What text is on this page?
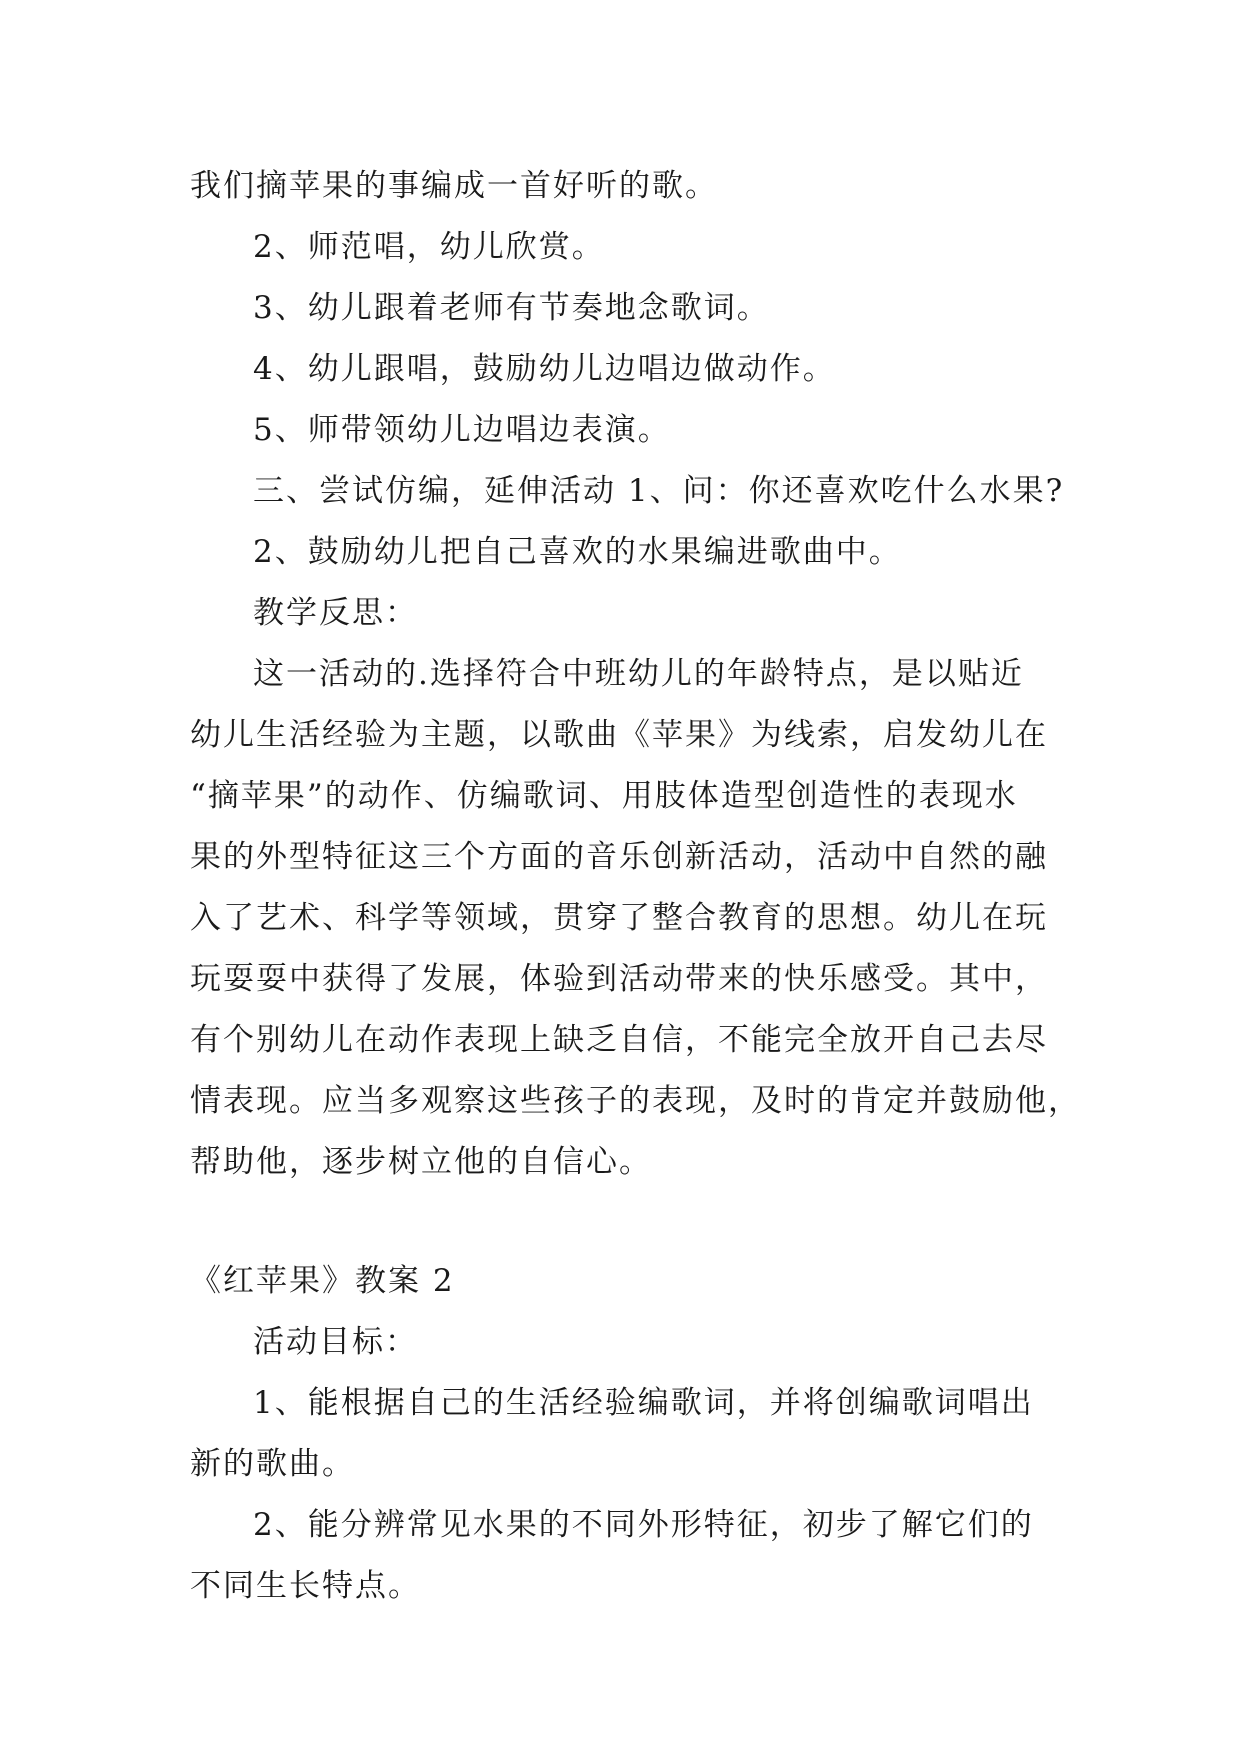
我们摘苹果的事编成一首好听的歌。
2、师范唱，幼儿欣赏。
3、幼儿跟着老师有节奏地念歌词。
4、幼儿跟唱，鼓励幼儿边唱边做动作。
5、师带领幼儿边唱边表演。
三、尝试仿编，延伸活动 1、问：你还喜欢吃什么水果?
2、鼓励幼儿把自己喜欢的水果编进歌曲中。
教学反思：
这一活动的.选择符合中班幼儿的年龄特点，是以贴近
幼儿生活经验为主题，以歌曲《苹果》为线索，启发幼儿在
“摘苹果”的动作、仿编歌词、用肢体造型创造性的表现水
果的外型特征这三个方面的音乐创新活动，活动中自然的融
入了艺术、科学等领域，贯穿了整合教育的思想。幼儿在玩
玩耍耍中获得了发展，体验到活动带来的快乐感受。其中，
有个别幼儿在动作表现上缺乏自信，不能完全放开自己去尽
情表现。应当多观察这些孩子的表现，及时的肯定并鼓励他，
帮助他，逐步树立他的自信心。
《红苹果》教案 2
活动目标：
1、能根据自己的生活经验编歌词，并将创编歌词唱出
新的歌曲。
2、能分辨常见水果的不同外形特征，初步了解它们的
不同生长特点。
